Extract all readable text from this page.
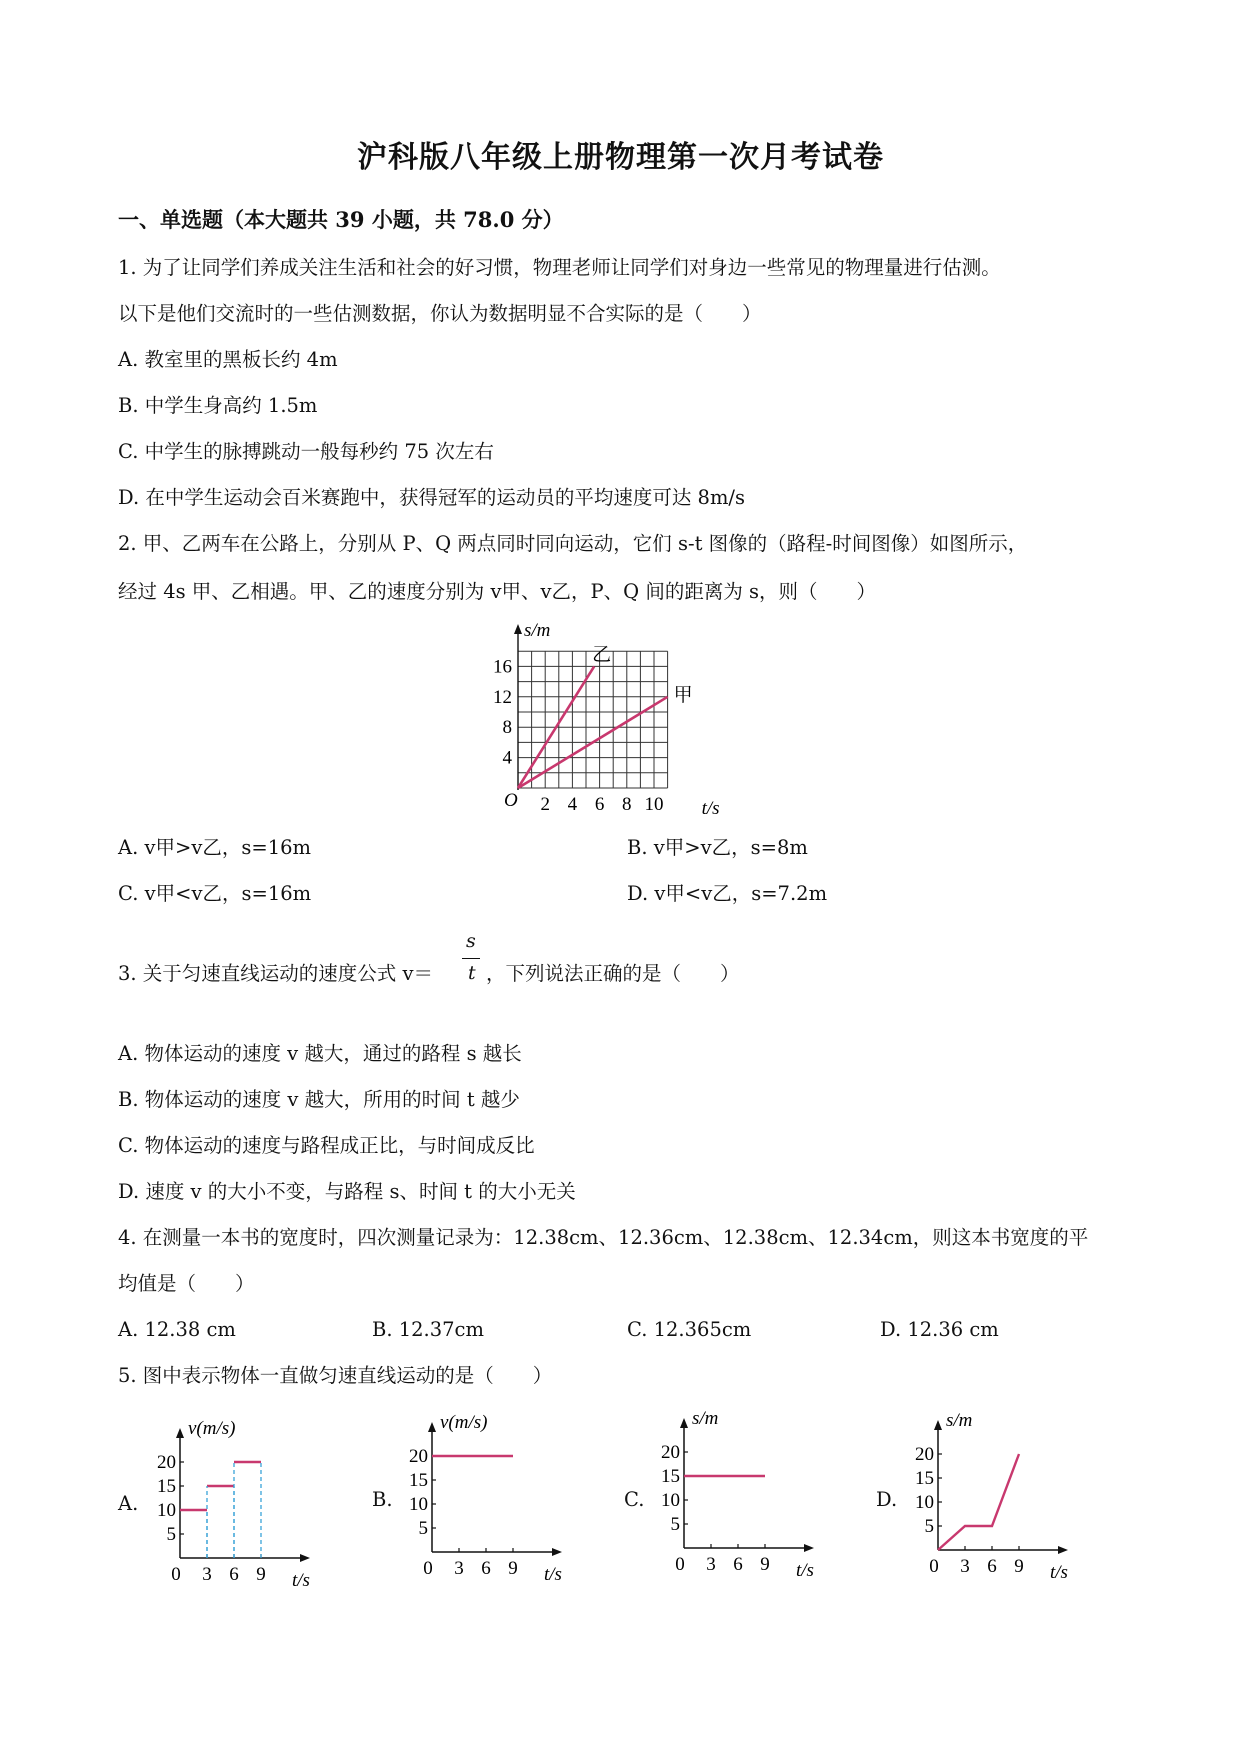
沪科版八年级上册物理第一次月考试卷
一、单选题（本大题共 39 小题，共 78.0 分）
1. 为了让同学们养成关注生活和社会的好习惯，物理老师让同学们对身边一些常见的物理量进行估测。
以下是他们交流时的一些估测数据，你认为数据明显不合实际的是（　　）
A. 教室里的黑板长约 4m
B. 中学生身高约 1.5m
C. 中学生的脉搏跳动一般每秒约 75 次左右
D. 在中学生运动会百米赛跑中，获得冠军的运动员的平均速度可达 8m/s
2. 甲、乙两车在公路上，分别从 P、Q 两点同时同向运动，它们 s-t 图像的（路程-时间图像）如图所示，
经过 4s 甲、乙相遇。甲、乙的速度分别为 v甲、v乙，P、Q 间的距离为 s，则（　　）
4
8
12
16
2 4 6 8 10
O
s/m
t/s
乙
甲
A. v甲>v乙，s=16m	B. v甲>v乙，s=8m
C. v甲<v乙，s=16m	D. v甲<v乙，s=7.2m
3. 关于匀速直线运动的速度公式 v＝
s
t ，下列说法正确的是（　　）
A. 物体运动的速度 v 越大，通过的路程 s 越长
B. 物体运动的速度 v 越大，所用的时间 t 越少
C. 物体运动的速度与路程成正比，与时间成反比
D. 速度 v 的大小不变，与路程 s、时间 t 的大小无关
4. 在测量一本书的宽度时，四次测量记录为：12.38cm、12.36cm、12.38cm、12.34cm，则这本书宽度的平
均值是（　　）
A. 12.38 cm	B. 12.37cm	C. 12.365cm	D. 12.36 cm
5. 图中表示物体一直做匀速直线运动的是（　　）
A.
5
10
15
20
0 3 6 9
v(m/s)
t/s
B.
5
10
15
20
0 3 6 9
v(m/s)
t/s
C.
5
10
15
20
0 3 6 9
s/m
t/s
D.
5
10
15
20
0 3 6 9
s/m
t/s
